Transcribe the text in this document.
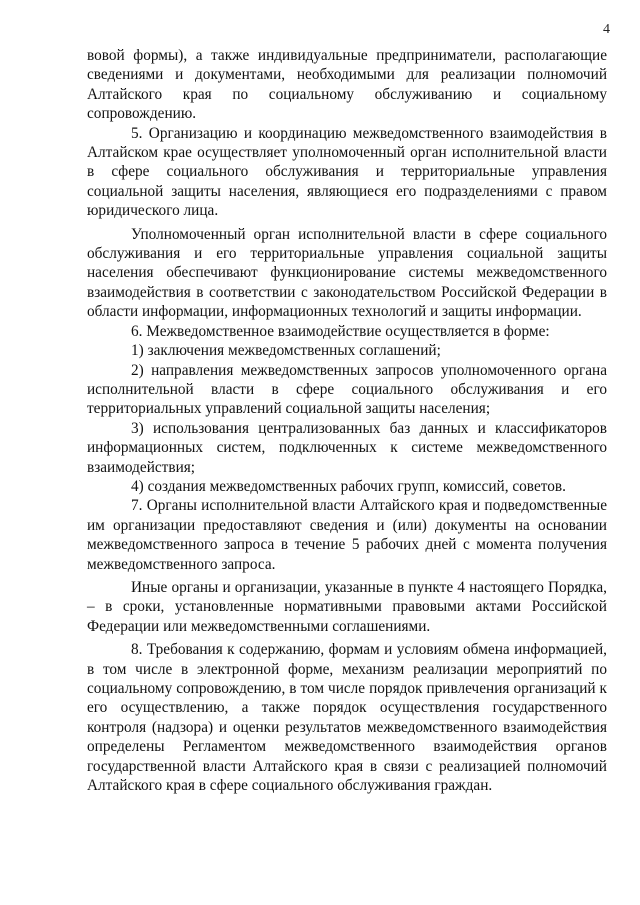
4

вовой формы), а также индивидуальные предприниматели, располагающие сведениями и документами, необходимыми для реализации полномочий Алтайского края по социальному обслуживанию и социальному сопровождению.

5. Организацию и координацию межведомственного взаимодействия в Алтайском крае осуществляет уполномоченный орган исполнительной власти в сфере социального обслуживания и территориальные управления социальной защиты населения, являющиеся его подразделениями с правом юридического лица.

Уполномоченный орган исполнительной власти в сфере социального обслуживания и его территориальные управления социальной защиты населения обеспечивают функционирование системы межведомственного взаимодействия в соответствии с законодательством Российской Федерации в области информации, информационных технологий и защиты информации.

6. Межведомственное взаимодействие осуществляется в форме:

1) заключения межведомственных соглашений;

2) направления межведомственных запросов уполномоченного органа исполнительной власти в сфере социального обслуживания и его территориальных управлений социальной защиты населения;

3) использования централизованных баз данных и классификаторов информационных систем, подключенных к системе межведомственного взаимодействия;

4) создания межведомственных рабочих групп, комиссий, советов.

7. Органы исполнительной власти Алтайского края и подведомственные им организации предоставляют сведения и (или) документы на основании межведомственного запроса в течение 5 рабочих дней с момента получения межведомственного запроса.

Иные органы и организации, указанные в пункте 4 настоящего Порядка, – в сроки, установленные нормативными правовыми актами Российской Федерации или межведомственными соглашениями.

8. Требования к содержанию, формам и условиям обмена информацией, в том числе в электронной форме, механизм реализации мероприятий по социальному сопровождению, в том числе порядок привлечения организаций к его осуществлению, а также порядок осуществления государственного контроля (надзора) и оценки результатов межведомственного взаимодействия определены Регламентом межведомственного взаимодействия органов государственной власти Алтайского края в связи с реализацией полномочий Алтайского края в сфере социального обслуживания граждан.
